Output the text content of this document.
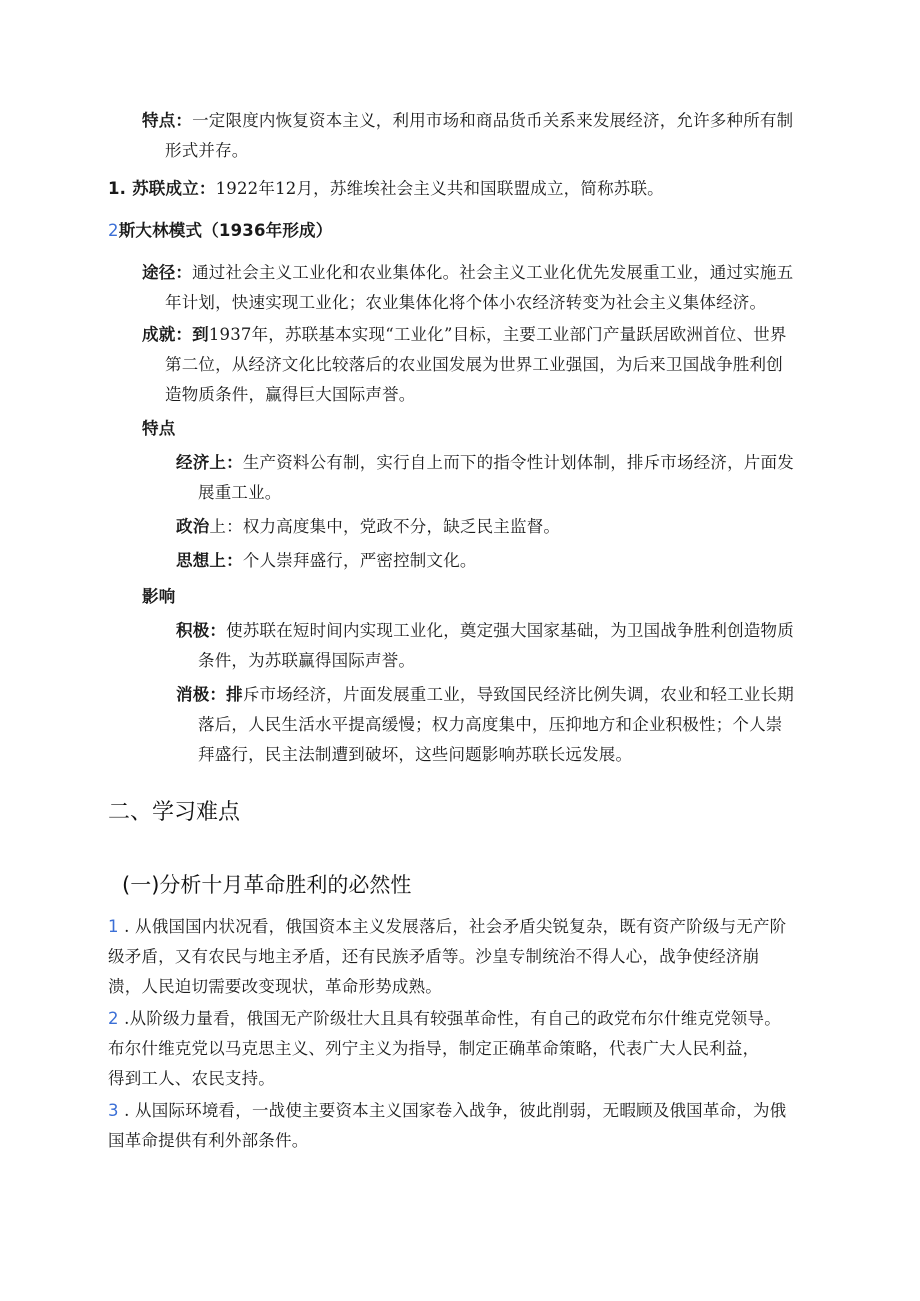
特点：一定限度内恢复资本主义，利用市场和商品货币关系来发展经济，允许多种所有制

形式并存。

1. 苏联成立：1922年12月，苏维埃社会主义共和国联盟成立，简称苏联。

2斯大林模式（1936年形成）

途径：通过社会主义工业化和农业集体化。社会主义工业化优先发展重工业，通过实施五

年计划，快速实现工业化；农业集体化将个体小农经济转变为社会主义集体经济。

成就：到1937年，苏联基本实现“工业化”目标，主要工业部门产量跃居欧洲首位、世界

第二位，从经济文化比较落后的农业国发展为世界工业强国，为后来卫国战争胜利创

造物质条件，赢得巨大国际声誉。

特点

经济上：生产资料公有制，实行自上而下的指令性计划体制，排斥市场经济，片面发

展重工业。

政治上：权力高度集中，党政不分，缺乏民主监督。

思想上：个人崇拜盛行，严密控制文化。

影响

积极：使苏联在短时间内实现工业化，奠定强大国家基础，为卫国战争胜利创造物质

条件，为苏联赢得国际声誉。

消极：排斥市场经济，片面发展重工业，导致国民经济比例失调，农业和轻工业长期

落后，人民生活水平提高缓慢；权力高度集中，压抑地方和企业积极性；个人崇

拜盛行，民主法制遭到破坏，这些问题影响苏联长远发展。

二、学习难点
(一)分析十月革命胜利的必然性

1 . 从俄国国内状况看，俄国资本主义发展落后，社会矛盾尖锐复杂，既有资产阶级与无产阶

级矛盾，又有农民与地主矛盾，还有民族矛盾等。沙皇专制统治不得人心，战争使经济崩

溃，人民迫切需要改变现状，革命形势成熟。

2 .从阶级力量看，俄国无产阶级壮大且具有较强革命性，有自己的政党布尔什维克党领导。

布尔什维克党以马克思主义、列宁主义为指导，制定正确革命策略，代表广大人民利益，

得到工人、农民支持。

3 . 从国际环境看，一战使主要资本主义国家卷入战争，彼此削弱，无暇顾及俄国革命，为俄

国革命提供有利外部条件。
